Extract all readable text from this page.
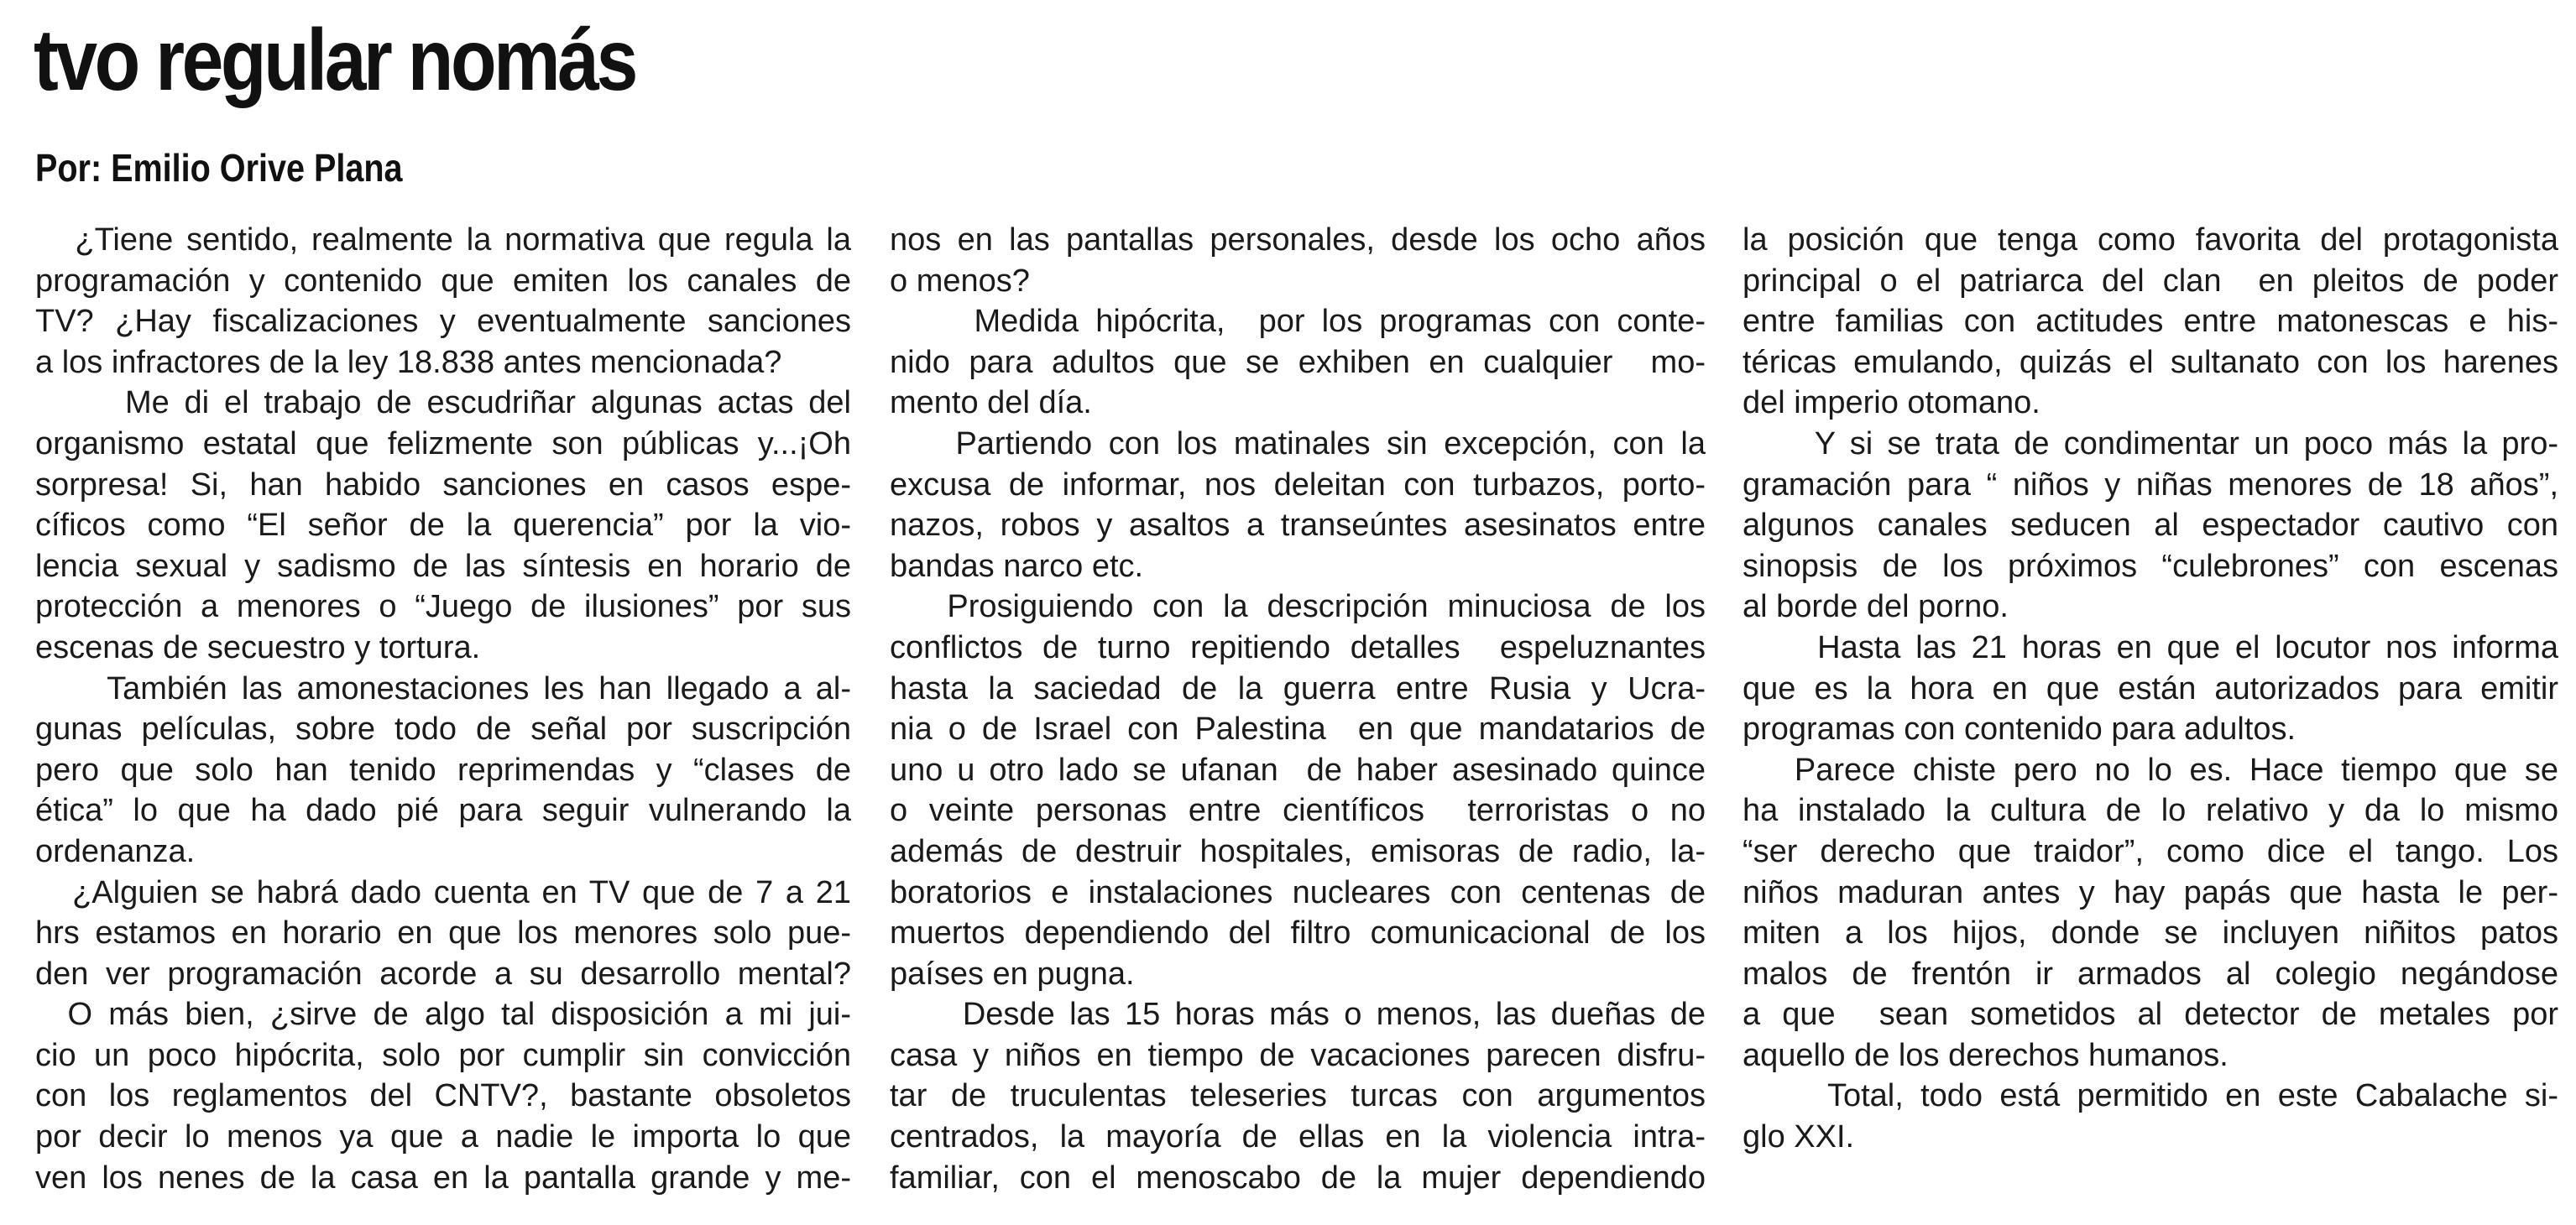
tvo regular nomás
Por: Emilio Orive Plana
¿Tiene sentido, realmente la normativa que regula la
programación y contenido que emiten los canales de
TV? ¿Hay fiscalizaciones y eventualmente sanciones
a los infractores de la ley 18.838 antes mencionada?
Me di el trabajo de escudriñar algunas actas del
organismo estatal que felizmente son públicas y...¡Oh
sorpresa! Si, han habido sanciones en casos espe-
cíficos como “El señor de la querencia” por la vio-
lencia sexual y sadismo de las síntesis en horario de
protección a menores o “Juego de ilusiones” por sus
escenas de secuestro y tortura.
También las amonestaciones les han llegado a al-
gunas películas, sobre todo de señal por suscripción
pero que solo han tenido reprimendas y “clases de
ética” lo que ha dado pié para seguir vulnerando la
ordenanza.
¿Alguien se habrá dado cuenta en TV que de 7 a 21
hrs estamos en horario en que los menores solo pue-
den ver programación acorde a su desarrollo mental?
O más bien, ¿sirve de algo tal disposición a mi jui-
cio un poco hipócrita, solo por cumplir sin convicción
con los reglamentos del CNTV?, bastante obsoletos
por decir lo menos ya que a nadie le importa lo que
ven los nenes de la casa en la pantalla grande y me-
nos en las pantallas personales, desde los ocho años
o menos?
Medida hipócrita,  por los programas con conte-
nido para adultos que se exhiben en cualquier  mo-
mento del día.
Partiendo con los matinales sin excepción, con la
excusa de informar, nos deleitan con turbazos, porto-
nazos, robos y asaltos a transeúntes asesinatos entre
bandas narco etc.
Prosiguiendo con la descripción minuciosa de los
conflictos de turno repitiendo detalles  espeluznantes
hasta la saciedad de la guerra entre Rusia y Ucra-
nia o de Israel con Palestina  en que mandatarios de
uno u otro lado se ufanan  de haber asesinado quince
o veinte personas entre científicos  terroristas o no
además de destruir hospitales, emisoras de radio, la-
boratorios e instalaciones nucleares con centenas de
muertos dependiendo del filtro comunicacional de los
países en pugna.
Desde las 15 horas más o menos, las dueñas de
casa y niños en tiempo de vacaciones parecen disfru-
tar de truculentas teleseries turcas con argumentos
centrados, la mayoría de ellas en la violencia intra-
familiar, con el menoscabo de la mujer dependiendo
la posición que tenga como favorita del protagonista
principal o el patriarca del clan  en pleitos de poder
entre familias con actitudes entre matonescas e his-
téricas emulando, quizás el sultanato con los harenes
del imperio otomano.
Y si se trata de condimentar un poco más la pro-
gramación para “ niños y niñas menores de 18 años”,
algunos canales seducen al espectador cautivo con
sinopsis de los próximos “culebrones” con escenas
al borde del porno.
Hasta las 21 horas en que el locutor nos informa
que es la hora en que están autorizados para emitir
programas con contenido para adultos.
Parece chiste pero no lo es. Hace tiempo que se
ha instalado la cultura de lo relativo y da lo mismo
“ser derecho que traidor”, como dice el tango. Los
niños maduran antes y hay papás que hasta le per-
miten a los hijos, donde se incluyen niñitos patos
malos de frentón ir armados al colegio negándose
a que  sean sometidos al detector de metales por
aquello de los derechos humanos.
Total, todo está permitido en este Cabalache si-
glo XXI.
